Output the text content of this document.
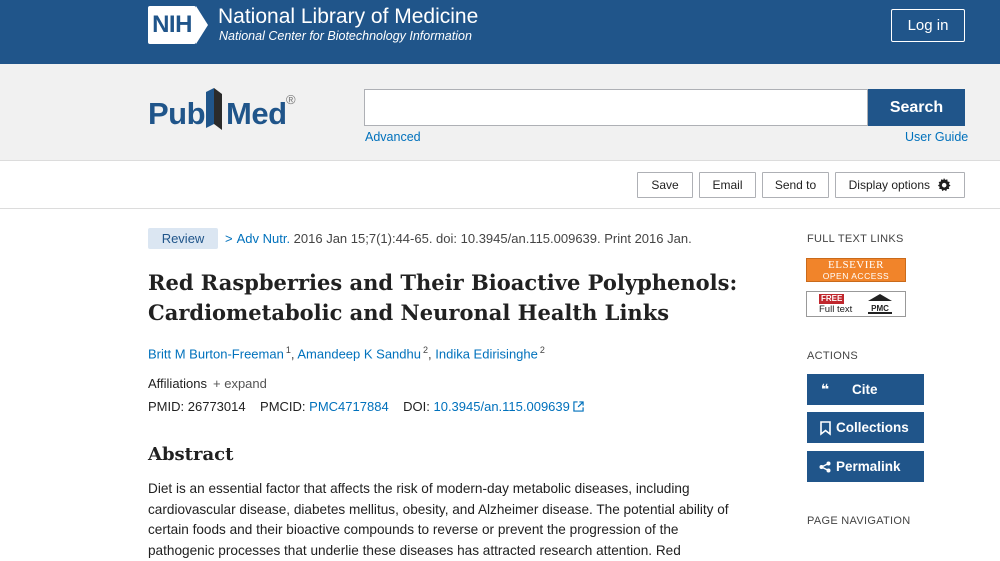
NIH National Library of Medicine
National Center for Biotechnology Information
Log in
Pub Med ®	Search
Advanced	User Guide
Save	Email	Send to	Display options
Review	> Adv Nutr. 2016 Jan 15;7(1):44-65. doi: 10.3945/an.115.009639. Print 2016 Jan.
Red Raspberries and Their Bioactive Polyphenols: Cardiometabolic and Neuronal Health Links
Britt M Burton-Freeman $^1$, Amandeep K Sandhu $^2$, Indika Edirisinghe $^2$
Affiliations + expand
PMID: 26773014 PMCID: PMC4717884 DOI: 10.3945/an.115.009639
Abstract

Diet is an essential factor that affects the risk of modern-day metabolic diseases, including cardiovascular disease, diabetes mellitus, obesity, and Alzheimer disease. The potential ability of certain foods and their bioactive compounds to reverse or prevent the progression of the pathogenic processes that underlie these diseases has attracted research attention. Red

FULL TEXT LINKS
ELSEVIER
OPEN ACCESS
FREE
Full text PMC
ACTIONS
❝ Cite
Collections
Permalink
PAGE NAVIGATION
